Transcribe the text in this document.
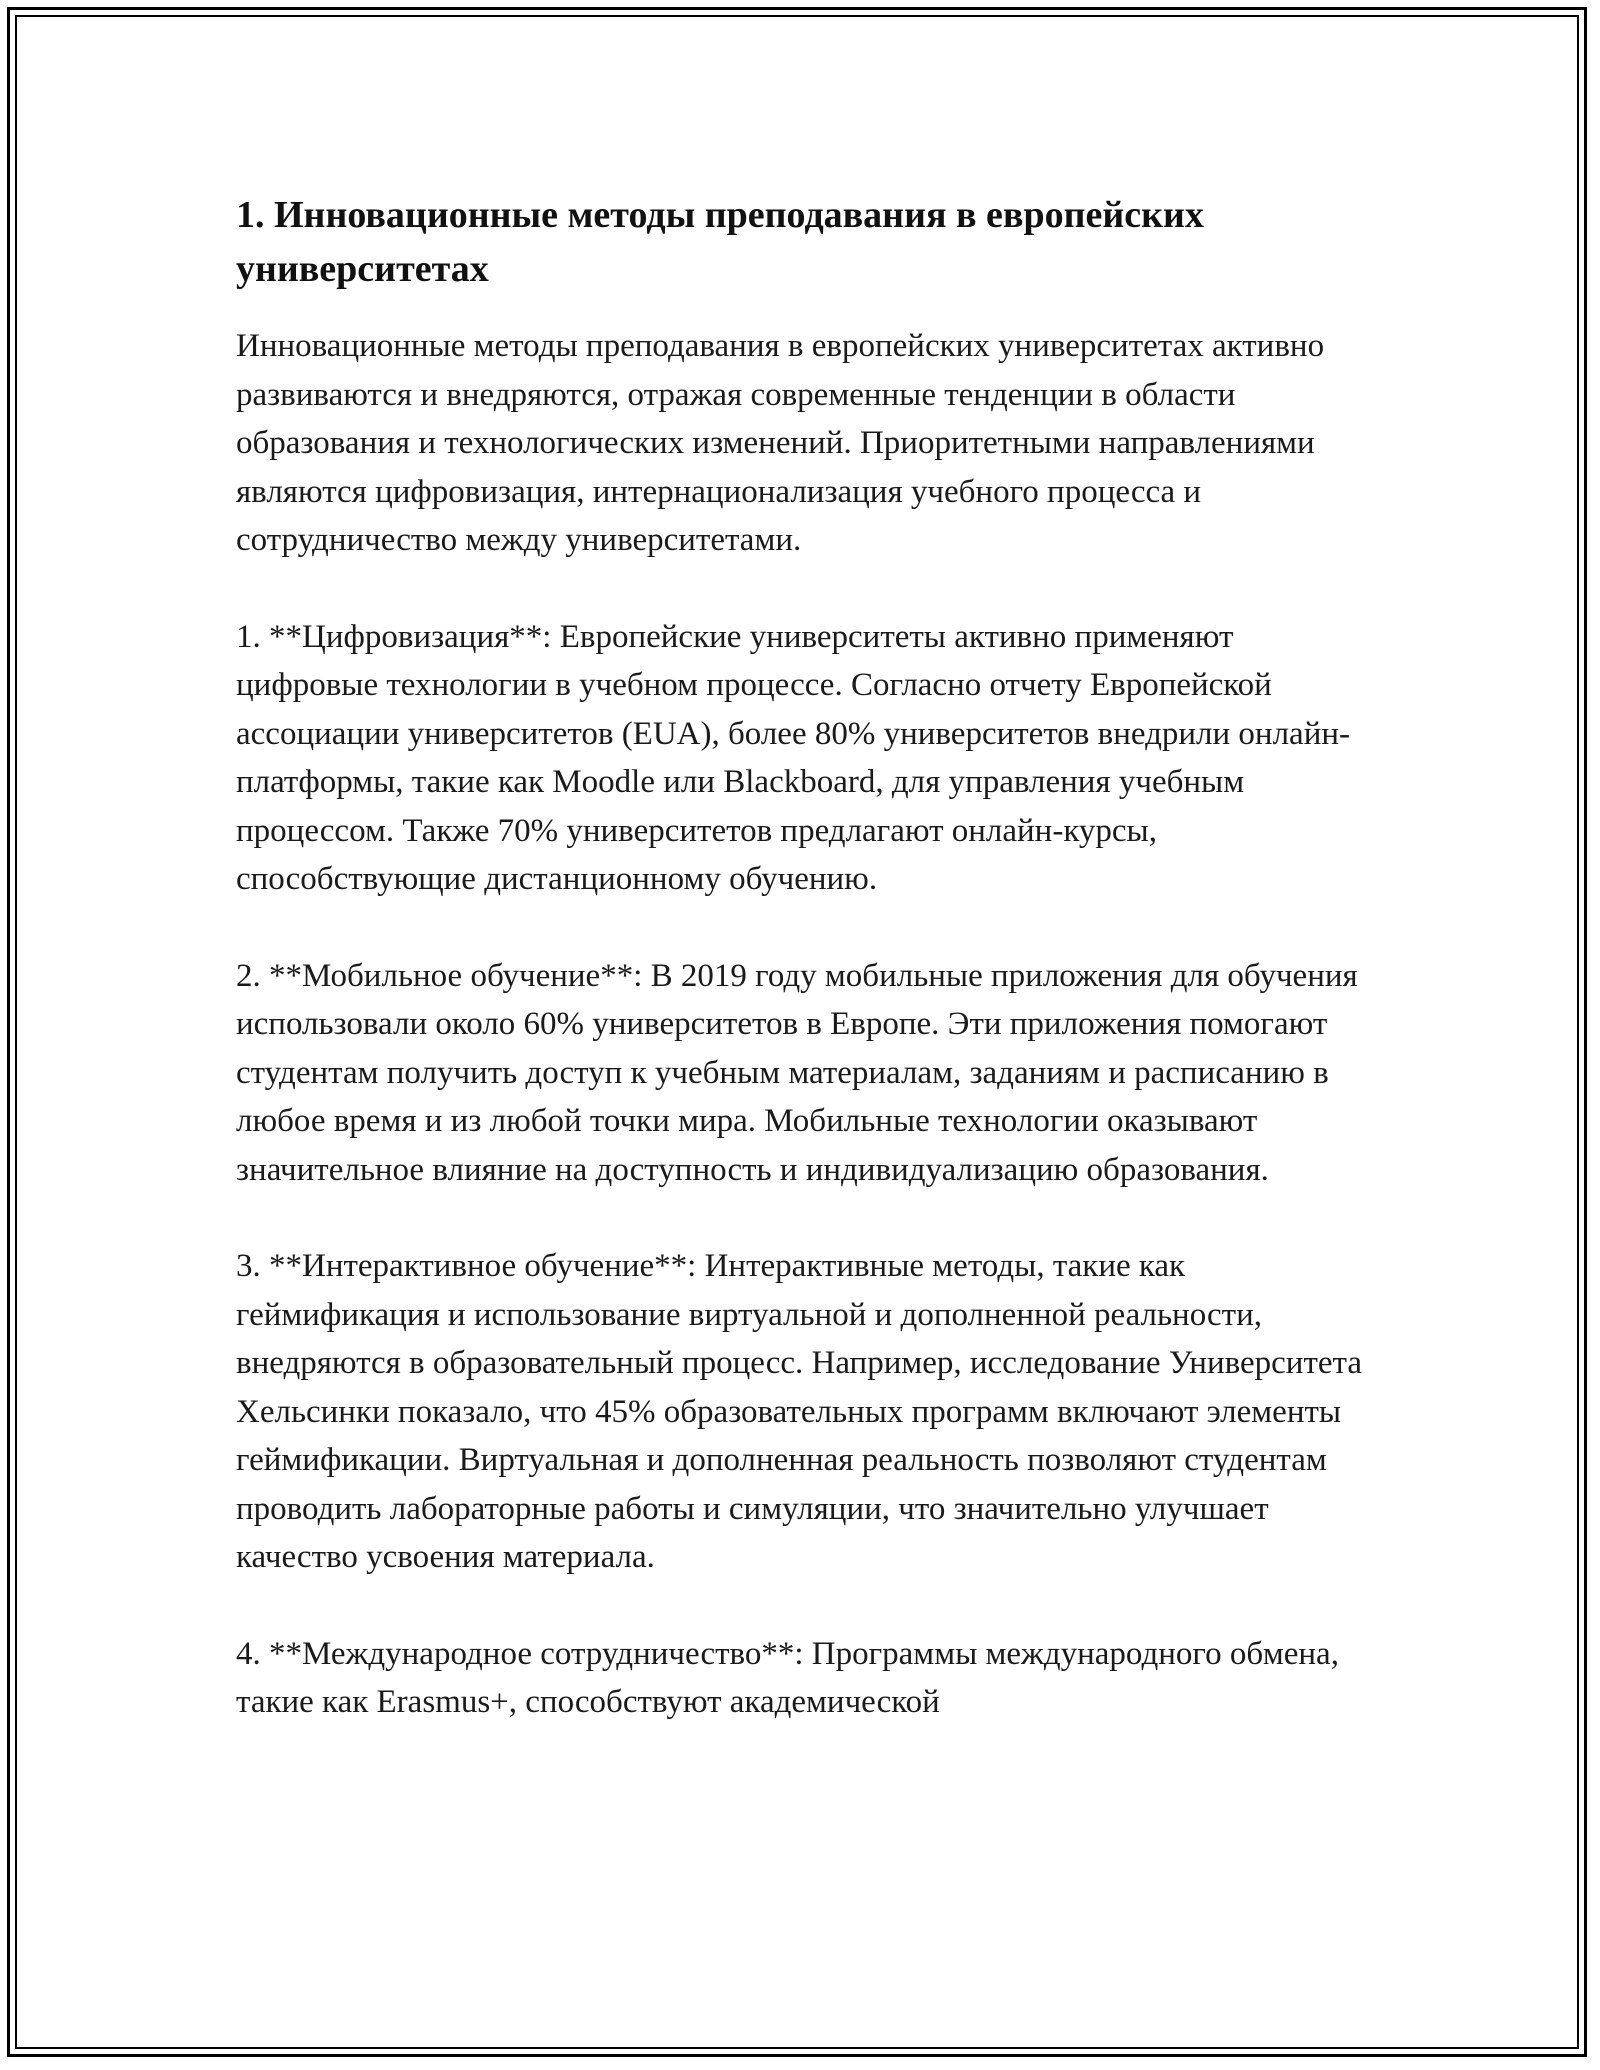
1. Инновационные методы преподавания в европейских университетах

Инновационные методы преподавания в европейских университетах активно развиваются и внедряются, отражая современные тенденции в области образования и технологических изменений. Приоритетными направлениями являются цифровизация, интернационализация учебного процесса и сотрудничество между университетами.

1. **Цифровизация**: Европейские университеты активно применяют цифровые технологии в учебном процессе. Согласно отчету Европейской ассоциации университетов (EUA), более 80% университетов внедрили онлайн-платформы, такие как Moodle или Blackboard, для управления учебным процессом. Также 70% университетов предлагают онлайн-курсы, способствующие дистанционному обучению.

2. **Мобильное обучение**: В 2019 году мобильные приложения для обучения использовали около 60% университетов в Европе. Эти приложения помогают студентам получить доступ к учебным материалам, заданиям и расписанию в любое время и из любой точки мира. Мобильные технологии оказывают значительное влияние на доступность и индивидуализацию образования.

3. **Интерактивное обучение**: Интерактивные методы, такие как геймификация и использование виртуальной и дополненной реальности, внедряются в образовательный процесс. Например, исследование Университета Хельсинки показало, что 45% образовательных программ включают элементы геймификации. Виртуальная и дополненная реальность позволяют студентам проводить лабораторные работы и симуляции, что значительно улучшает качество усвоения материала.

4. **Международное сотрудничество**: Программы международного обмена, такие как Erasmus+, способствуют академической
